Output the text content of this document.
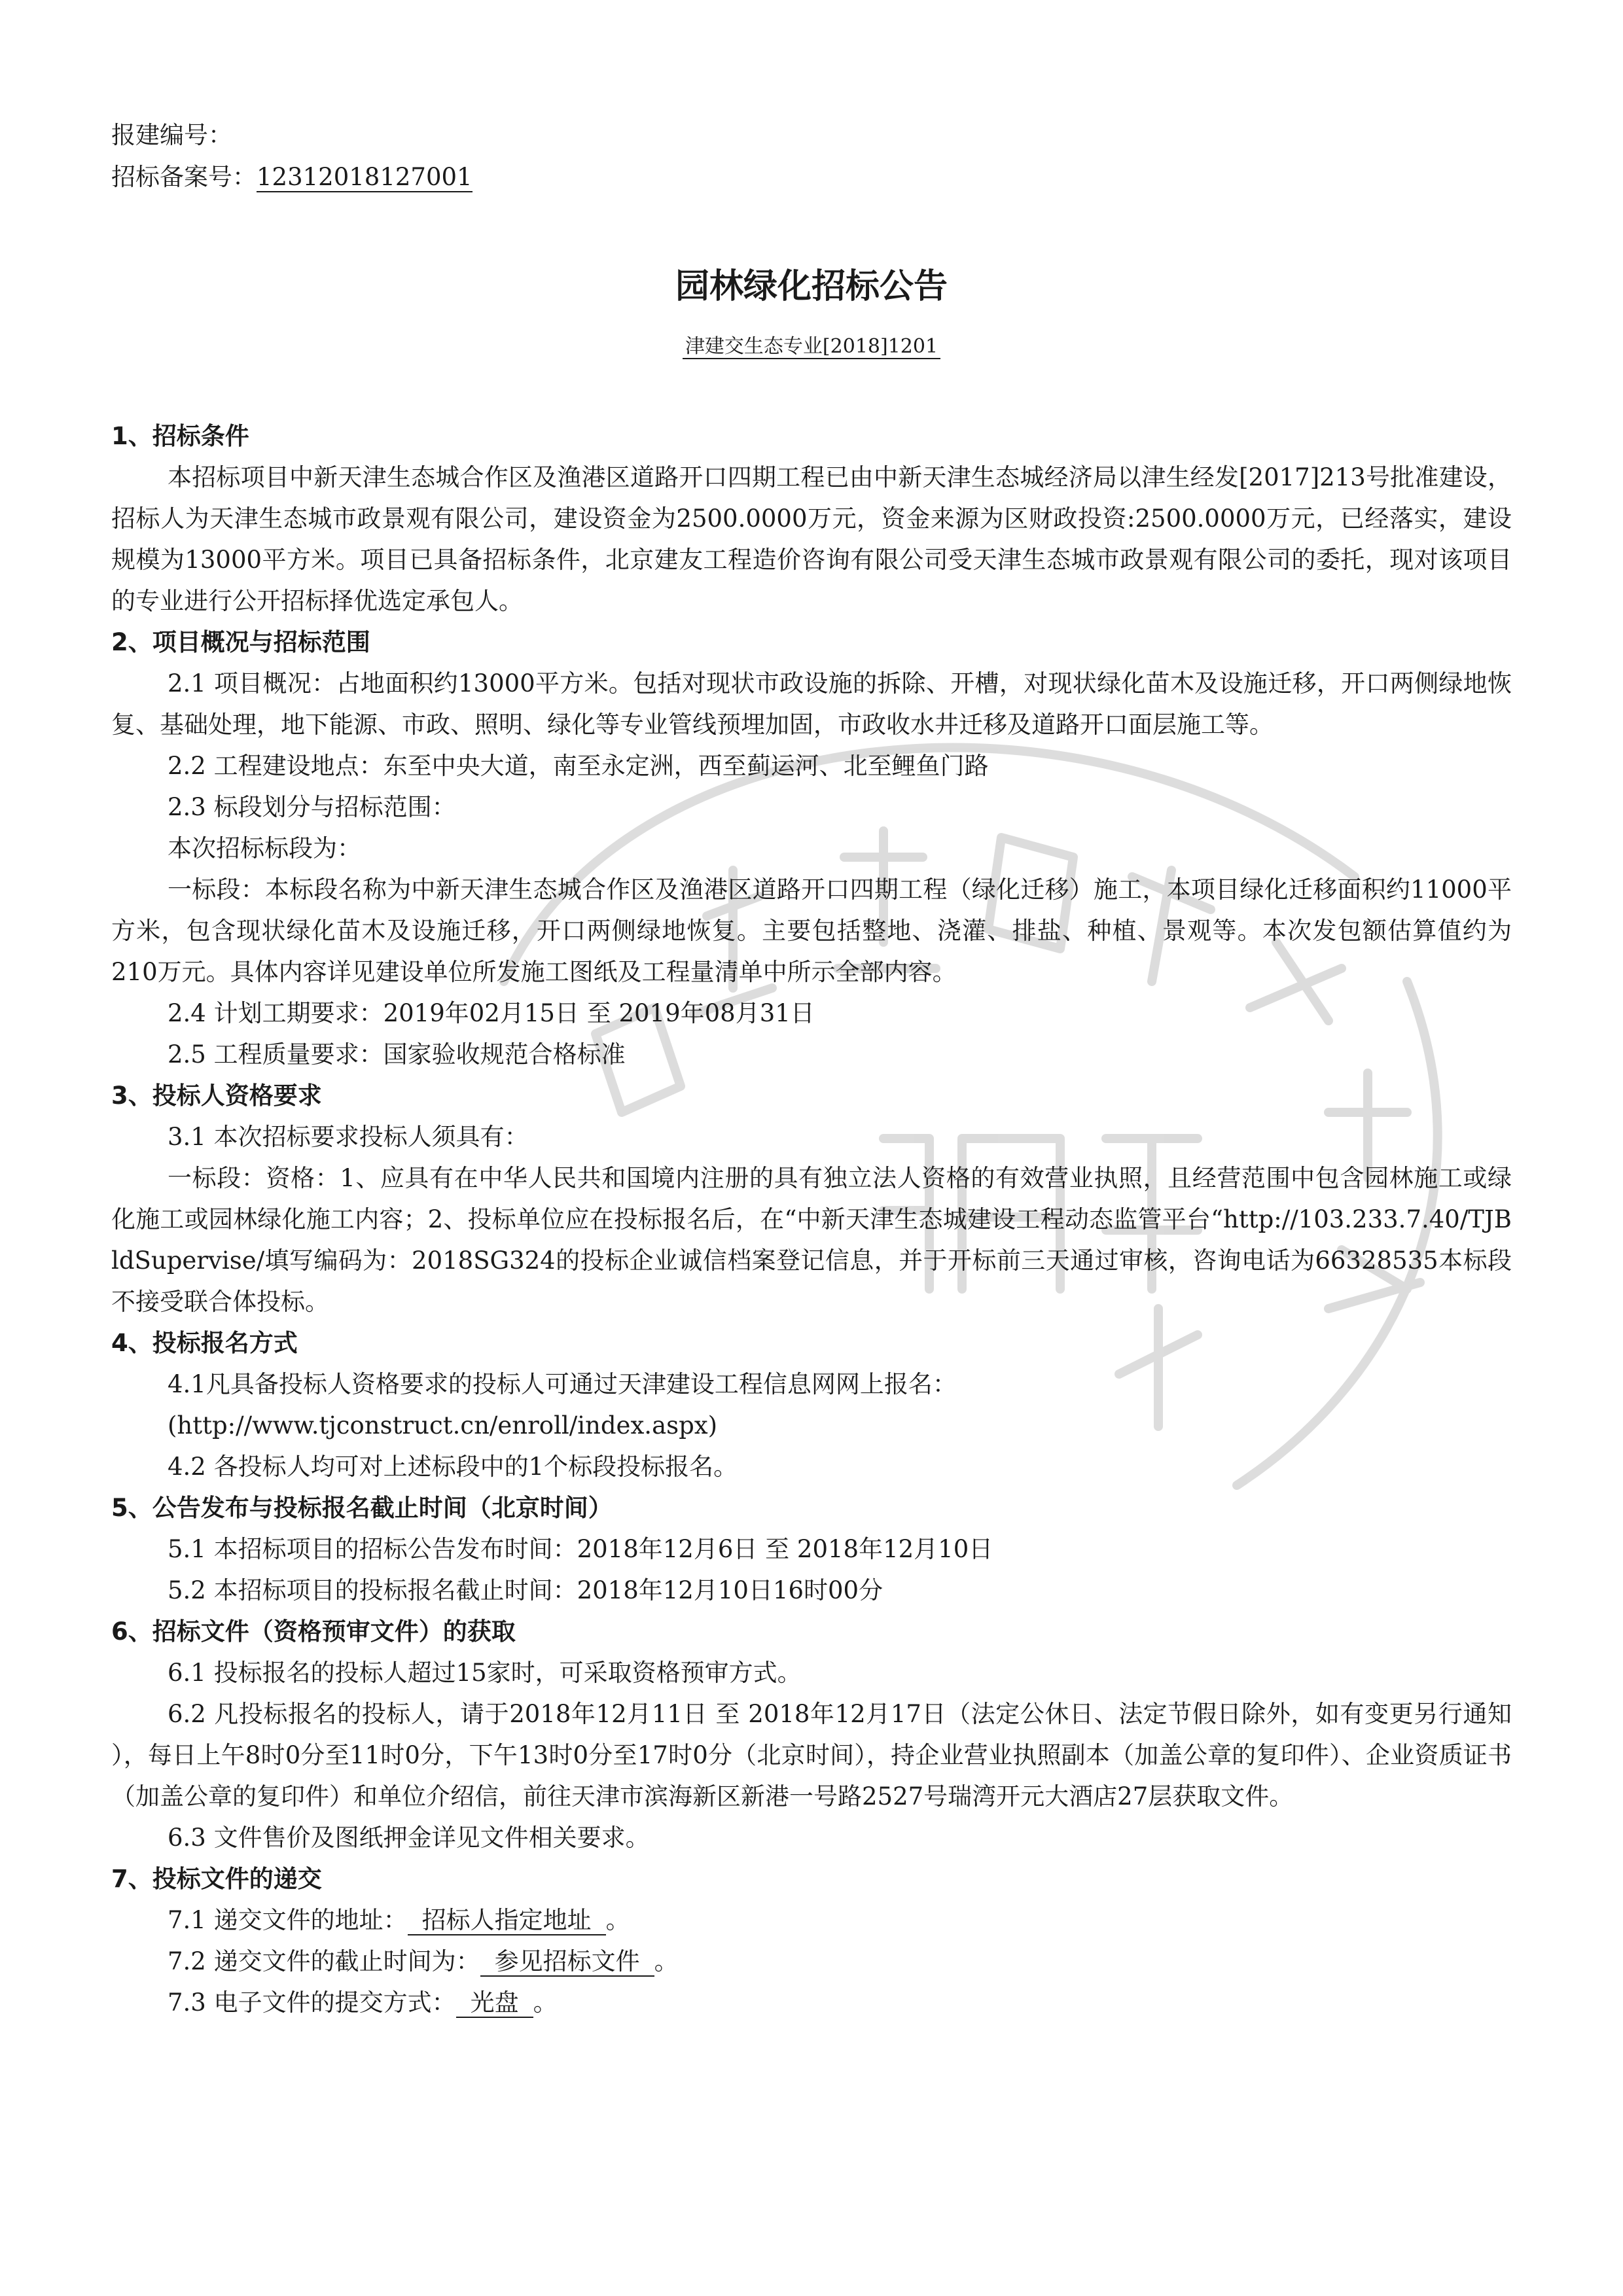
报建编号：
招标备案号：12312018127001
园林绿化招标公告
津建交生态专业[2018]1201
1、招标条件
本招标项目中新天津生态城合作区及渔港区道路开口四期工程已由中新天津生态城经济局以津生经发[2017]213号批准建设，招标人为天津生态城市政景观有限公司，建设资金为2500.0000万元，资金来源为区财政投资:2500.0000万元，已经落实，建设规模为13000平方米。项目已具备招标条件，北京建友工程造价咨询有限公司受天津生态城市政景观有限公司的委托，现对该项目的专业进行公开招标择优选定承包人。
2、项目概况与招标范围
2.1 项目概况：占地面积约13000平方米。包括对现状市政设施的拆除、开槽，对现状绿化苗木及设施迁移，开口两侧绿地恢复、基础处理，地下能源、市政、照明、绿化等专业管线预埋加固，市政收水井迁移及道路开口面层施工等。
2.2 工程建设地点：东至中央大道，南至永定洲，西至蓟运河、北至鲤鱼门路
2.3 标段划分与招标范围：
本次招标标段为：
一标段：本标段名称为中新天津生态城合作区及渔港区道路开口四期工程（绿化迁移）施工，本项目绿化迁移面积约11000平方米，包含现状绿化苗木及设施迁移，开口两侧绿地恢复。主要包括整地、浇灌、排盐、种植、景观等。本次发包额估算值约为 210万元。具体内容详见建设单位所发施工图纸及工程量清单中所示全部内容。
2.4 计划工期要求：2019年02月15日 至 2019年08月31日
2.5 工程质量要求：国家验收规范合格标准
3、投标人资格要求
3.1 本次招标要求投标人须具有：
一标段：资格：1、应具有在中华人民共和国境内注册的具有独立法人资格的有效营业执照，且经营范围中包含园林施工或绿化施工或园林绿化施工内容；2、投标单位应在投标报名后，在“中新天津生态城建设工程动态监管平台“http://103.233.7.40/TJBldSupervise/填写编码为：2018SG324的投标企业诚信档案登记信息，并于开标前三天通过审核，咨询电话为66328535本标段不接受联合体投标。
4、投标报名方式
4.1凡具备投标人资格要求的投标人可通过天津建设工程信息网网上报名：
(http://www.tjconstruct.cn/enroll/index.aspx)
4.2 各投标人均可对上述标段中的1个标段投标报名。
5、公告发布与投标报名截止时间（北京时间）
5.1 本招标项目的招标公告发布时间：2018年12月6日 至 2018年12月10日
5.2 本招标项目的投标报名截止时间：2018年12月10日16时00分
6、招标文件（资格预审文件）的获取
6.1 投标报名的投标人超过15家时，可采取资格预审方式。
6.2 凡投标报名的投标人，请于2018年12月11日 至 2018年12月17日（法定公休日、法定节假日除外，如有变更另行通知 ），每日上午8时0分至11时0分，下午13时0分至17时0分（北京时间），持企业营业执照副本（加盖公章的复印件）、企业资质证书（加盖公章的复印件）和单位介绍信，前往天津市滨海新区新港一号路2527号瑞湾开元大酒店27层获取文件。
6.3 文件售价及图纸押金详见文件相关要求。
7、投标文件的递交
7.1 递交文件的地址： 招标人指定地址 。
7.2 递交文件的截止时间为： 参见招标文件 。
7.3 电子文件的提交方式： 光盘 。
